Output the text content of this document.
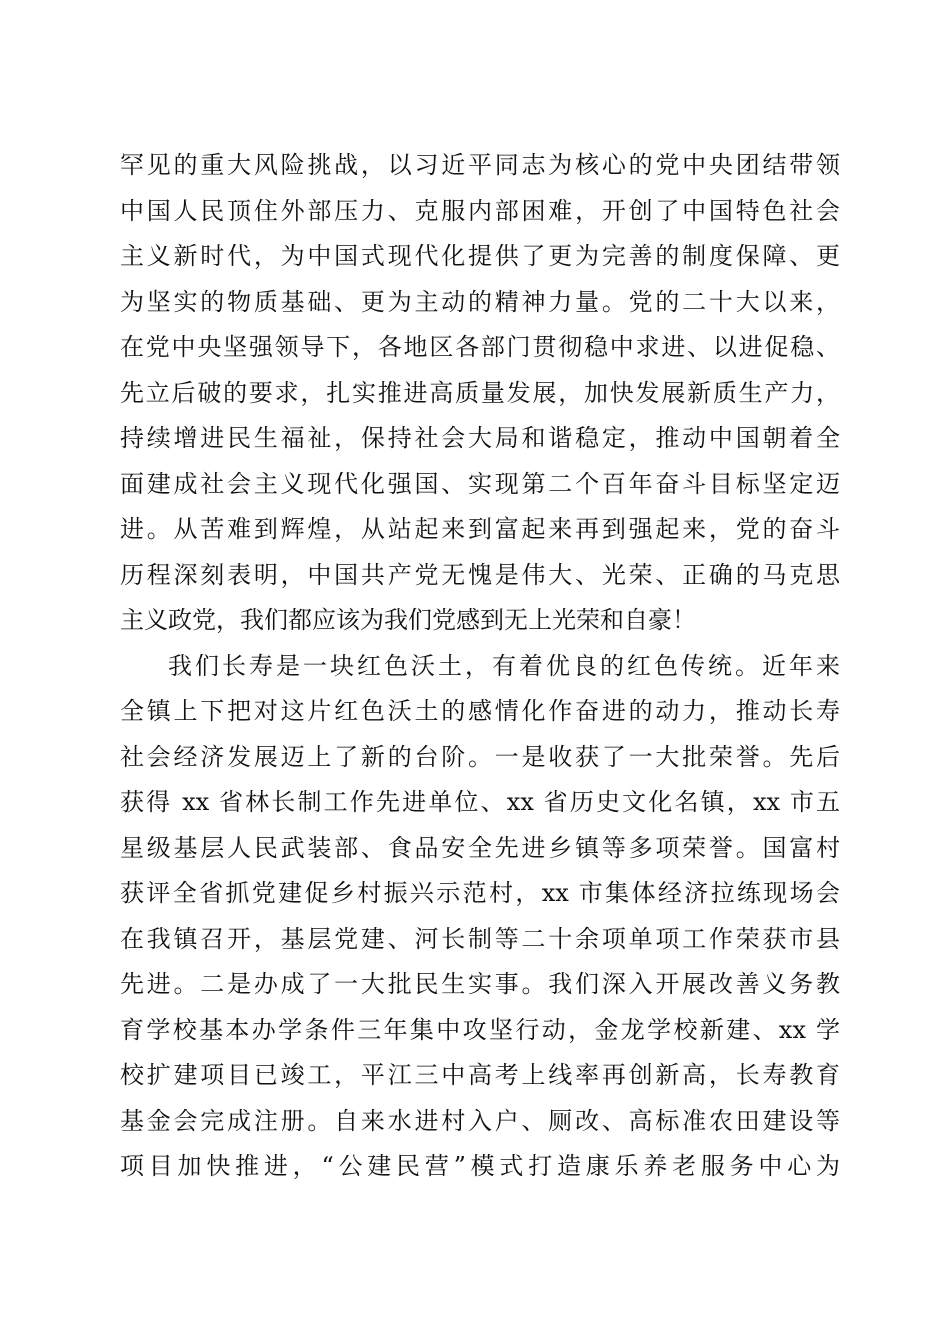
罕见的重大风险挑战，以习近平同志为核心的党中央团结带领
中国人民顶住外部压力、克服内部困难，开创了中国特色社会
主义新时代，为中国式现代化提供了更为完善的制度保障、更
为坚实的物质基础、更为主动的精神力量。党的二十大以来，
在党中央坚强领导下，各地区各部门贯彻稳中求进、以进促稳、
先立后破的要求，扎实推进高质量发展，加快发展新质生产力，
持续增进民生福祉，保持社会大局和谐稳定，推动中国朝着全
面建成社会主义现代化强国、实现第二个百年奋斗目标坚定迈
进。从苦难到辉煌，从站起来到富起来再到强起来，党的奋斗
历程深刻表明，中国共产党无愧是伟大、光荣、正确的马克思
主义政党，我们都应该为我们党感到无上光荣和自豪！
我们长寿是一块红色沃土，有着优良的红色传统。近年来
全镇上下把对这片红色沃土的感情化作奋进的动力，推动长寿
社会经济发展迈上了新的台阶。一是收获了一大批荣誉。先后
获得 xx 省林长制工作先进单位、xx 省历史文化名镇，xx 市五
星级基层人民武装部、食品安全先进乡镇等多项荣誉。国富村
获评全省抓党建促乡村振兴示范村，xx 市集体经济拉练现场会
在我镇召开，基层党建、河长制等二十余项单项工作荣获市县
先进。二是办成了一大批民生实事。我们深入开展改善义务教
育学校基本办学条件三年集中攻坚行动，金龙学校新建、xx 学
校扩建项目已竣工，平江三中高考上线率再创新高，长寿教育
基金会完成注册。自来水进村入户、厕改、高标准农田建设等
项目加快推进，“公建民营”模式打造康乐养老服务中心为
